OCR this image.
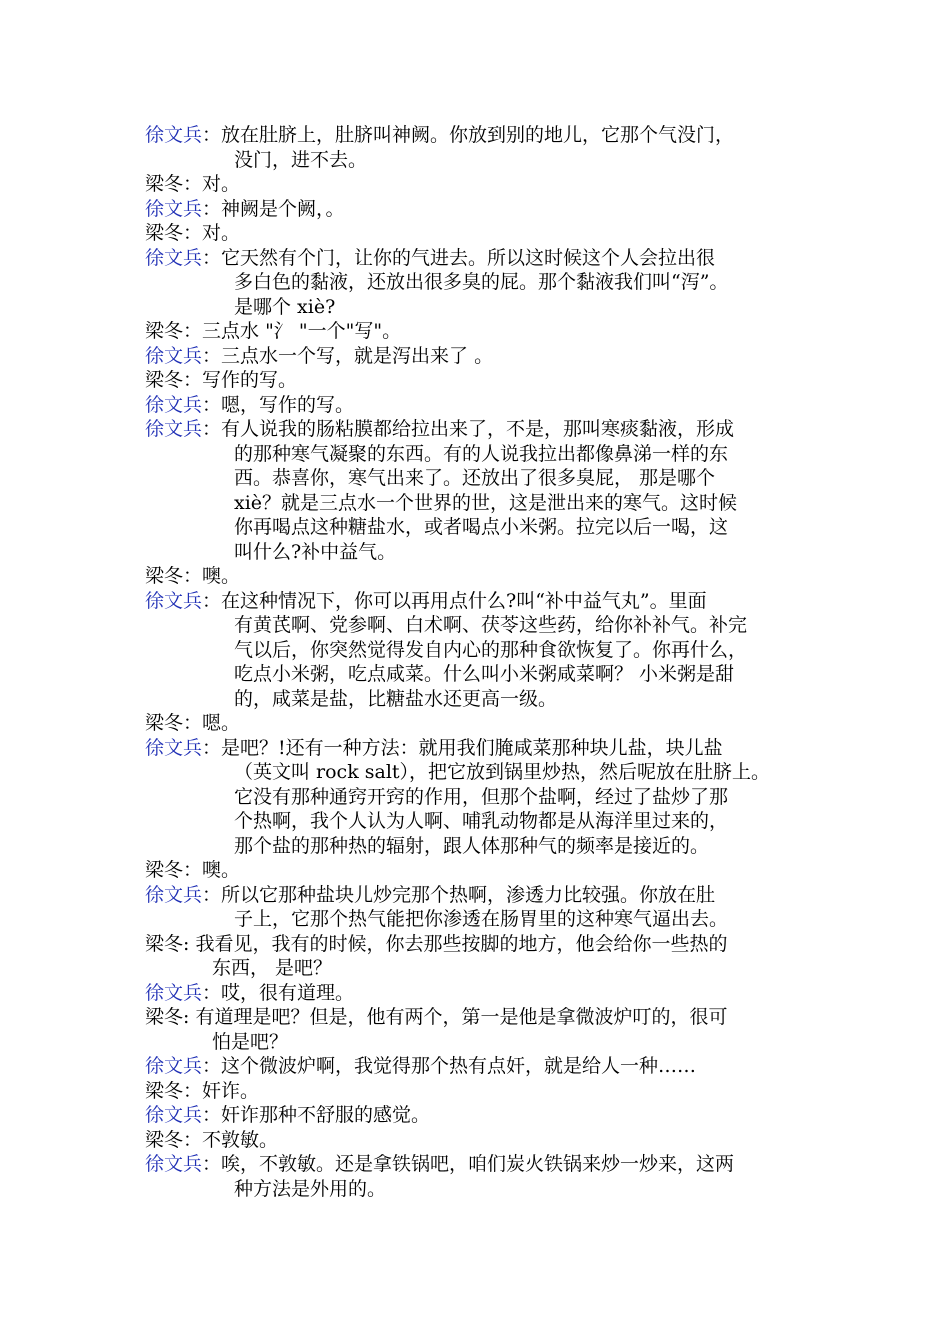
徐文兵：放在肚脐上，肚脐叫神阙。你放到别的地儿，它那个气没门，
没门，进不去。
梁冬：对。
徐文兵：神阙是个阙，。
梁冬：对。
徐文兵：它天然有个门，让你的气进去。所以这时候这个人会拉出很
多白色的黏液，还放出很多臭的屁。那个黏液我们叫“泻”。
是哪个 xiè?
梁冬：三点水 "氵 "一个"写"。
徐文兵：三点水一个写，就是泻出来了 。
梁冬：写作的写。
徐文兵：嗯，写作的写。
徐文兵：有人说我的肠粘膜都给拉出来了，不是，那叫寒痰黏液，形成
的那种寒气凝聚的东西。有的人说我拉出都像鼻涕一样的东
西。恭喜你，寒气出来了。还放出了很多臭屁， 那是哪个
xiè？就是三点水一个世界的世，这是泄出来的寒气。这时候
你再喝点这种糖盐水，或者喝点小米粥。拉完以后一喝，这
叫什么?补中益气。
梁冬：噢。
徐文兵：在这种情况下，你可以再用点什么?叫“补中益气丸”。里面
有黄芪啊、党参啊、白术啊、茯苓这些药，给你补补气。补完
气以后，你突然觉得发自内心的那种食欲恢复了。你再什么，
吃点小米粥，吃点咸菜。什么叫小米粥咸菜啊？ 小米粥是甜
的，咸菜是盐，比糖盐水还更高一级。
梁冬：嗯。
徐文兵：是吧？!还有一种方法：就用我们腌咸菜那种块儿盐，块儿盐
（英文叫 rock salt），把它放到锅里炒热，然后呢放在肚脐上。
它没有那种通窍开窍的作用，但那个盐啊，经过了盐炒了那
个热啊，我个人认为人啊、哺乳动物都是从海洋里过来的，
那个盐的那种热的辐射，跟人体那种气的频率是接近的。
梁冬：噢。
徐文兵：所以它那种盐块儿炒完那个热啊，渗透力比较强。你放在肚
子上，它那个热气能把你渗透在肠胃里的这种寒气逼出去。
梁冬: 我看见，我有的时候，你去那些按脚的地方，他会给你一些热的
东西， 是吧？
徐文兵：哎，很有道理。
梁冬: 有道理是吧？但是，他有两个，第一是他是拿微波炉叮的，很可
怕是吧？
徐文兵：这个微波炉啊，我觉得那个热有点奸，就是给人一种……
梁冬：奸诈。
徐文兵：奸诈那种不舒服的感觉。
梁冬：不敦敏。
徐文兵：唉，不敦敏。还是拿铁锅吧，咱们炭火铁锅来炒一炒来，这两
种方法是外用的。
